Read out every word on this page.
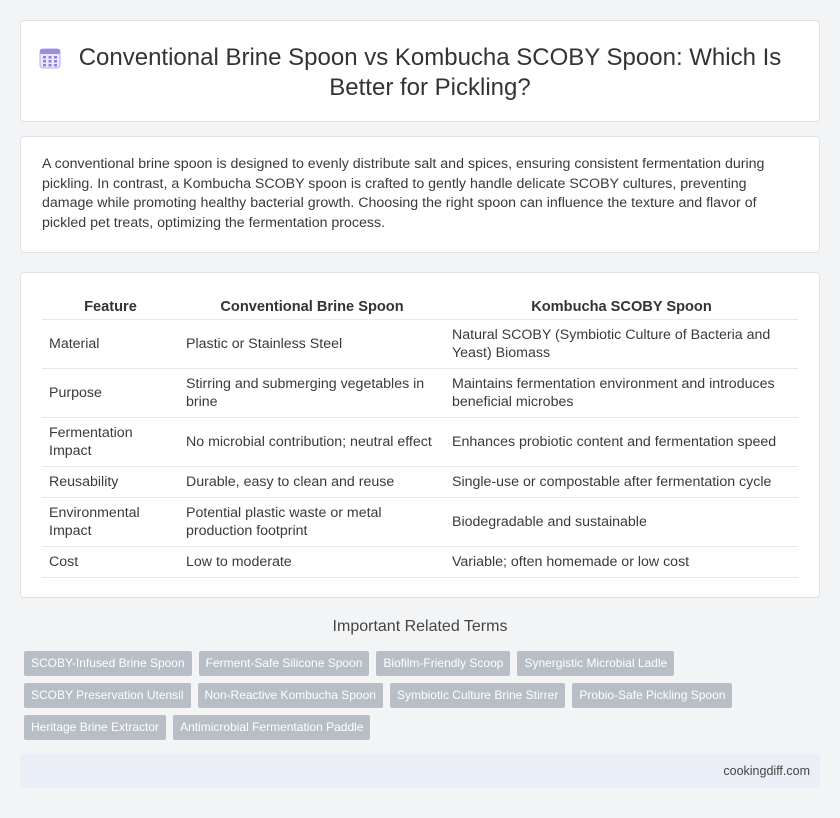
Conventional Brine Spoon vs Kombucha SCOBY Spoon: Which Is Better for Pickling?

A conventional brine spoon is designed to evenly distribute salt and spices, ensuring consistent fermentation during pickling. In contrast, a Kombucha SCOBY spoon is crafted to gently handle delicate SCOBY cultures, preventing damage while promoting healthy bacterial growth. Choosing the right spoon can influence the texture and flavor of pickled pet treats, optimizing the fermentation process.

Feature	Conventional Brine Spoon	Kombucha SCOBY Spoon
Material	Plastic or Stainless Steel	Natural SCOBY (Symbiotic Culture of Bacteria and Yeast) Biomass
Purpose	Stirring and submerging vegetables in brine	Maintains fermentation environment and introduces beneficial microbes
Fermentation Impact	No microbial contribution; neutral effect	Enhances probiotic content and fermentation speed
Reusability	Durable, easy to clean and reuse	Single-use or compostable after fermentation cycle
Environmental Impact	Potential plastic waste or metal production footprint	Biodegradable and sustainable
Cost	Low to moderate	Variable; often homemade or low cost
Important Related Terms
SCOBY-Infused Brine Spoon	Ferment-Safe Silicone Spoon	Biofilm-Friendly Scoop	Synergistic Microbial Ladle
SCOBY Preservation Utensil	Non-Reactive Kombucha Spoon	Symbiotic Culture Brine Stirrer	Probio-Safe Pickling Spoon
Heritage Brine Extractor	Antimicrobial Fermentation Paddle
cookingdiff.com
